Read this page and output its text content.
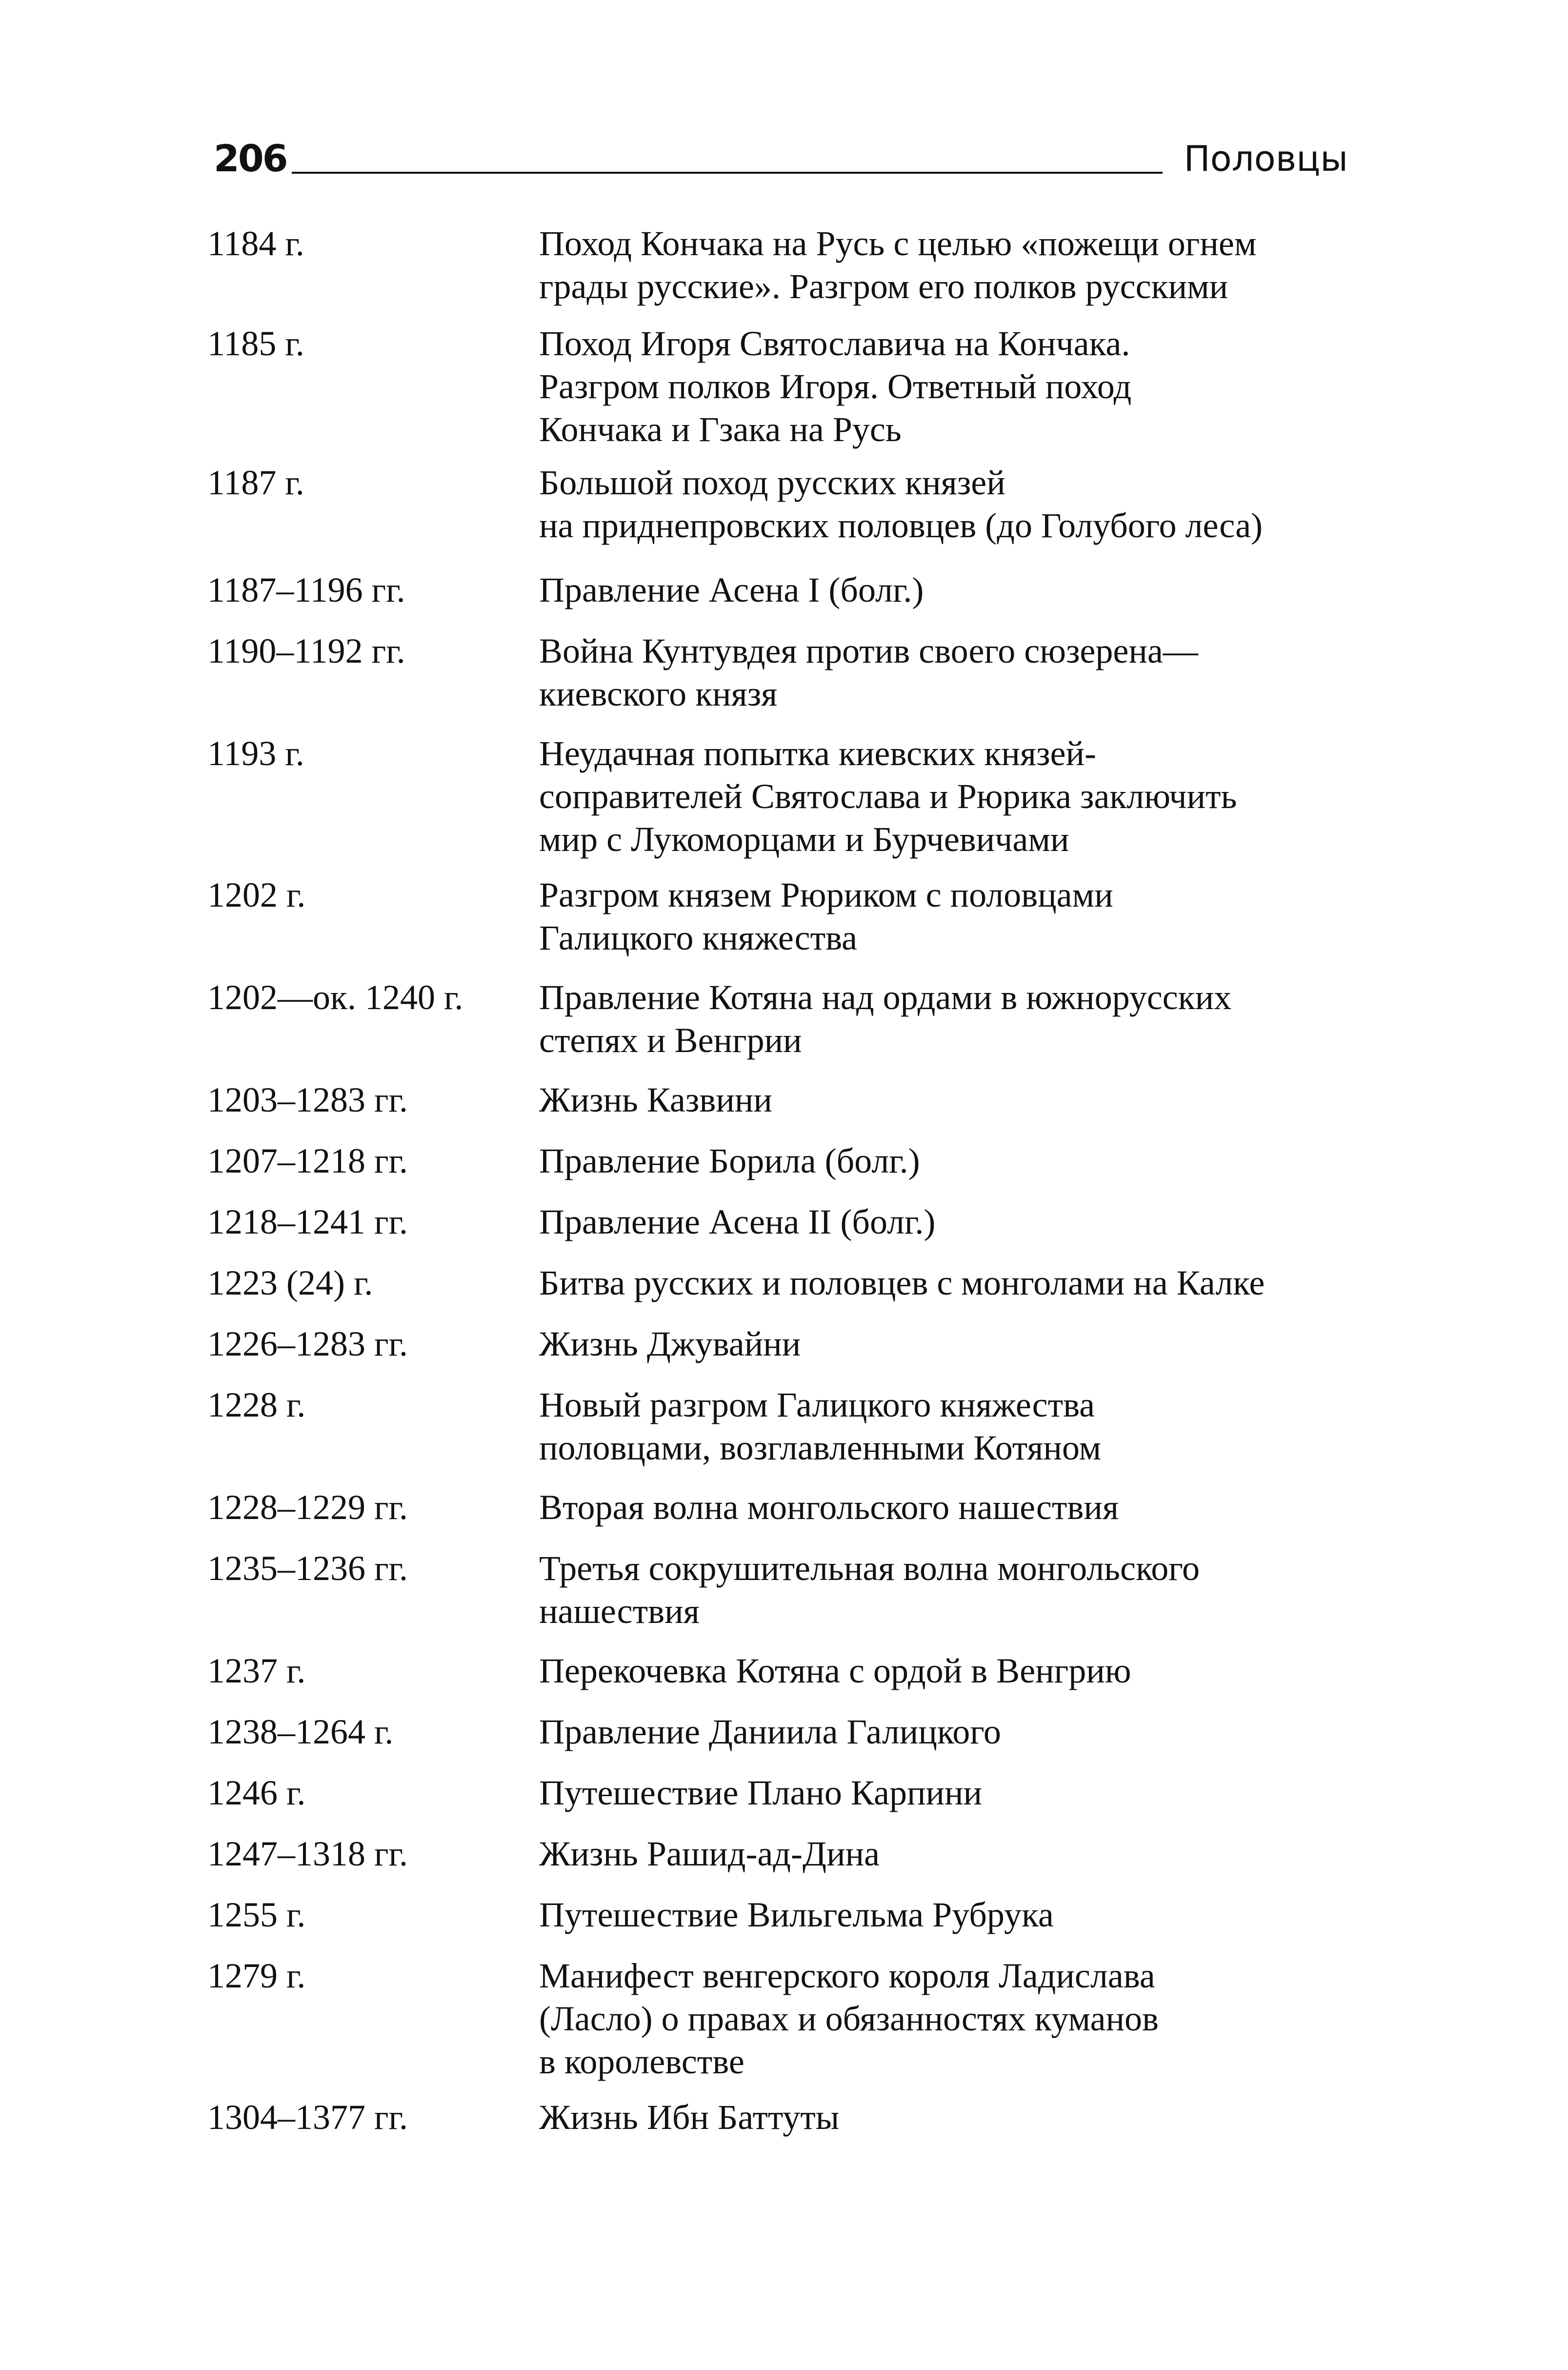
206	Половцы
1184 г.	Поход Кончака на Русь с целью «пожещи огнем
грады русские». Разгром его полков русскими
1185 г.	Поход Игоря Святославича на Кончака.
Разгром полков Игоря. Ответный поход
Кончака и Гзака на Русь
1187 г.	Большой поход русских князей
на приднепровских половцев (до Голубого леса)
1187–1196 гг.	Правление Асена I (болг.)
1190–1192 гг.	Война Кунтувдея против своего сюзерена—
киевского князя
1193 г.	Неудачная попытка киевских князей-
соправителей Святослава и Рюрика заключить
мир с Лукоморцами и Бурчевичами
1202 г.	Разгром князем Рюриком с половцами
Галицкого княжества
1202—ок. 1240 г.	Правление Котяна над ордами в южнорусских
степях и Венгрии
1203–1283 гг.	Жизнь Казвини
1207–1218 гг.	Правление Борила (болг.)
1218–1241 гг.	Правление Асена II (болг.)
1223 (24) г.	Битва русских и половцев с монголами на Калке
1226–1283 гг.	Жизнь Джувайни
1228 г.	Новый разгром Галицкого княжества
половцами, возглавленными Котяном
1228–1229 гг.	Вторая волна монгольского нашествия
1235–1236 гг.	Третья сокрушительная волна монгольского
нашествия
1237 г.	Перекочевка Котяна с ордой в Венгрию
1238–1264 г.	Правление Даниила Галицкого
1246 г.	Путешествие Плано Карпини
1247–1318 гг.	Жизнь Рашид-ад-Дина
1255 г.	Путешествие Вильгельма Рубрука
1279 г.	Манифест венгерского короля Ладислава
(Ласло) о правах и обязанностях куманов
в королевстве
1304–1377 гг.	Жизнь Ибн Баттуты
